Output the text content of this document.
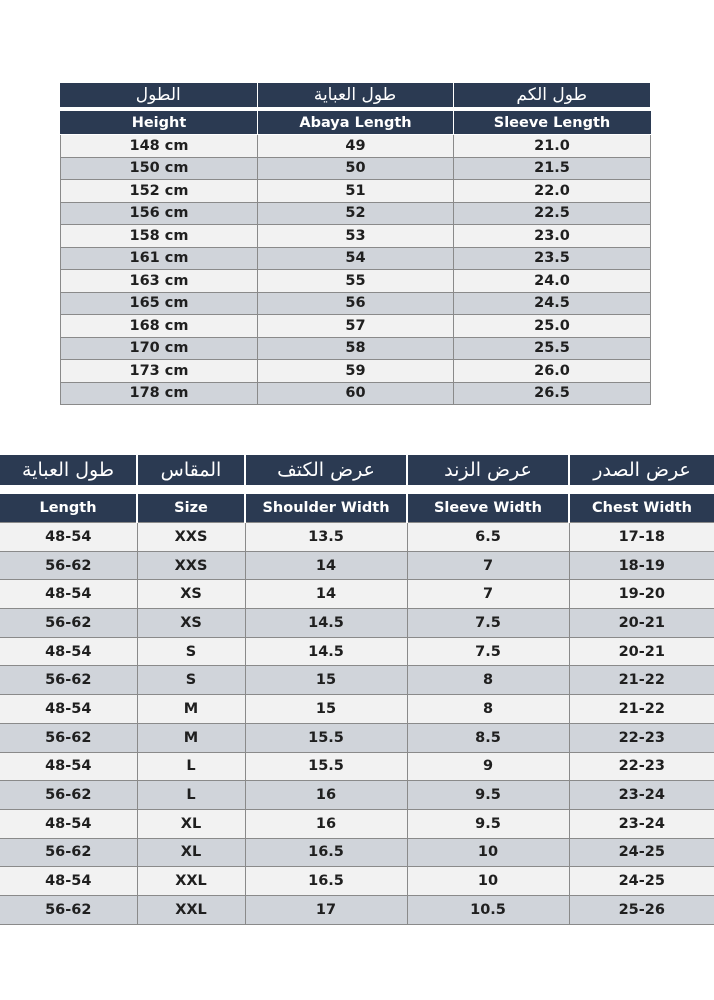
الطول	طول العباية	طول الكم
Height	Abaya Length	Sleeve Length
148 cm	49	21.0
150 cm	50	21.5
152 cm	51	22.0
156 cm	52	22.5
158 cm	53	23.0
161 cm	54	23.5
163 cm	55	24.0
165 cm	56	24.5
168 cm	57	25.0
170 cm	58	25.5
173 cm	59	26.0
178 cm	60	26.5
طول العباية	المقاس	عرض الكتف	عرض الزند	عرض الصدر
Length	Size	Shoulder Width	Sleeve Width	Chest Width
48-54	XXS	13.5	6.5	17-18
56-62	XXS	14	7	18-19
48-54	XS	14	7	19-20
56-62	XS	14.5	7.5	20-21
48-54	S	14.5	7.5	20-21
56-62	S	15	8	21-22
48-54	M	15	8	21-22
56-62	M	15.5	8.5	22-23
48-54	L	15.5	9	22-23
56-62	L	16	9.5	23-24
48-54	XL	16	9.5	23-24
56-62	XL	16.5	10	24-25
48-54	XXL	16.5	10	24-25
56-62	XXL	17	10.5	25-26
